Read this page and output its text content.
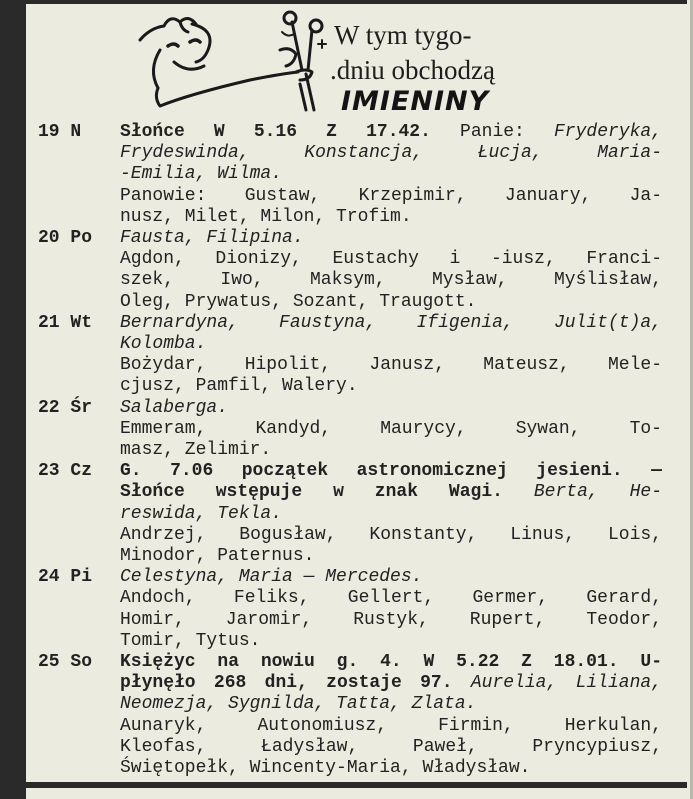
W tym tygo-
.dniu obchodzą
IMIENINY
19 N Słońce W 5.16 Z 17.42. Panie: Fryderyka,
Frydeswinda, Konstancja, Łucja, Maria-
-Emilia, Wilma.
Panowie: Gustaw, Krzepimir, January, Ja-
nusz, Milet, Milon, Trofim.
20 Po Fausta, Filipina.
Agdon, Dionizy, Eustachy i -iusz, Franci-
szek, Iwo, Maksym, Mysław, Myślisław,
Oleg, Prywatus, Sozant, Traugott.
21 Wt Bernardyna, Faustyna, Ifigenia, Julit(t)a,
Kolomba.
Bożydar, Hipolit, Janusz, Mateusz, Mele-
cjusz, Pamfil, Walery.
22 Śr Salaberga.
Emmeram, Kandyd, Maurycy, Sywan, To-
masz, Zelimir.
23 Cz G. 7.06 początek astronomicznej jesieni. —
Słońce wstępuje w znak Wagi. Berta, He-
reswida, Tekla.
Andrzej, Bogusław, Konstanty, Linus, Lois,
Minodor, Paternus.
24 Pi Celestyna, Maria — Mercedes.
Andoch, Feliks, Gellert, Germer, Gerard,
Homir, Jaromir, Rustyk, Rupert, Teodor,
Tomir, Tytus.
25 So Księżyc na nowiu g. 4. W 5.22 Z 18.01. U-
płynęło 268 dni, zostaje 97. Aurelia, Liliana,
Neomezja, Sygnilda, Tatta, Zlata.
Aunaryk, Autonomiusz, Firmin, Herkulan,
Kleofas, Ładysław, Paweł, Pryncypiusz,
Świętopełk, Wincenty-Maria, Władysław.
